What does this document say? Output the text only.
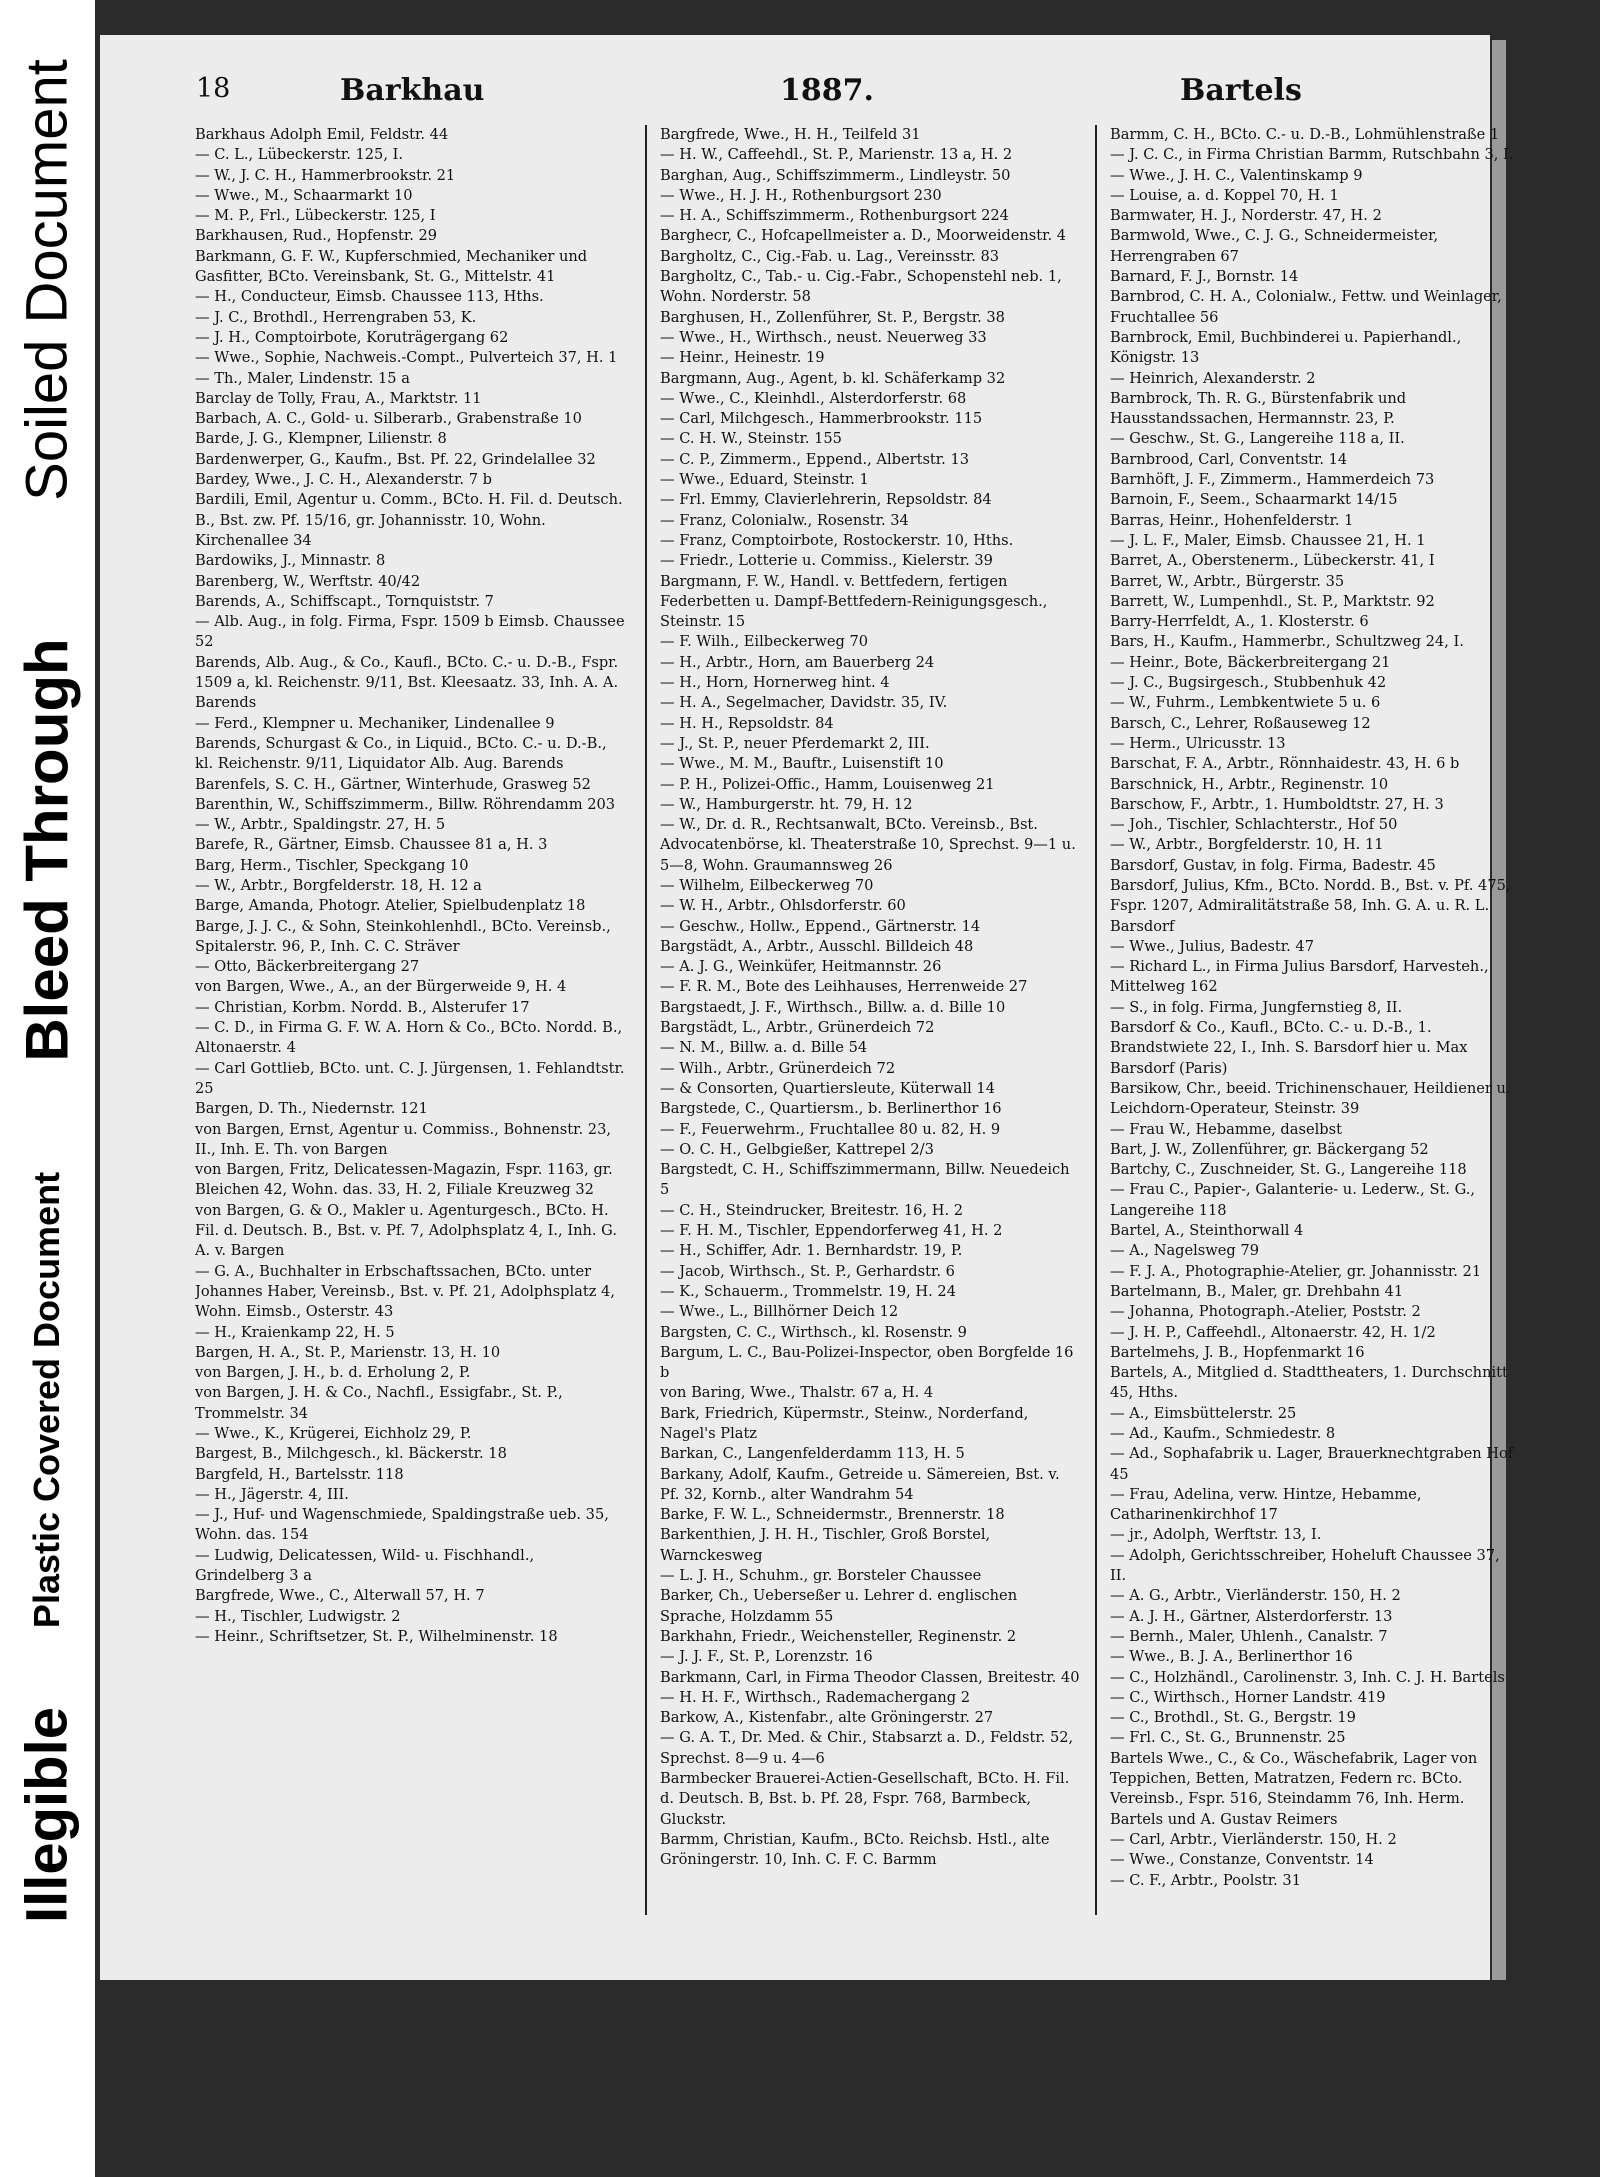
Illegible
Plastic Covered Document
Bleed Through
Soiled Document	18	Barkhau	1887.	Bartels

Barkhaus Adolph Emil, Feldstr. 44

— C. L., Lübeckerstr. 125, I.

— W., J. C. H., Hammerbrookstr. 21

— Wwe., M., Schaarmarkt 10

— M. P., Frl., Lübeckerstr. 125, I

Barkhausen, Rud., Hopfenstr. 29

Barkmann, G. F. W., Kupferschmied, Mechaniker und Gasfitter, BCto. Vereinsbank, St. G., Mittelstr. 41

— H., Conducteur, Eimsb. Chaussee 113, Hths.

— J. C., Brothdl., Herrengraben 53, K.

— J. H., Comptoirbote, Koruträgergang 62

— Wwe., Sophie, Nachweis.-Compt., Pulverteich 37, H. 1

— Th., Maler, Lindenstr. 15 a

Barclay de Tolly, Frau, A., Marktstr. 11

Barbach, A. C., Gold- u. Silberarb., Grabenstraße 10

Barde, J. G., Klempner, Lilienstr. 8

Bardenwerper, G., Kaufm., Bst. Pf. 22, Grindelallee 32

Bardey, Wwe., J. C. H., Alexanderstr. 7 b

Bardili, Emil, Agentur u. Comm., BCto. H. Fil. d. Deutsch. B., Bst. zw. Pf. 15/16, gr. Johannisstr. 10, Wohn. Kirchenallee 34

Bardowiks, J., Minnastr. 8

Barenberg, W., Werftstr. 40/42

Barends, A., Schiffscapt., Tornquiststr. 7

— Alb. Aug., in folg. Firma, Fspr. 1509 b Eimsb. Chaussee 52

Barends, Alb. Aug., & Co., Kaufl., BCto. C.- u. D.-B., Fspr. 1509 a, kl. Reichenstr. 9/11, Bst. Kleesaatz. 33, Inh. A. A. Barends

— Ferd., Klempner u. Mechaniker, Lindenallee 9

Barends, Schurgast & Co., in Liquid., BCto. C.- u. D.-B., kl. Reichenstr. 9/11, Liquidator Alb. Aug. Barends

Barenfels, S. C. H., Gärtner, Winterhude, Grasweg 52

Barenthin, W., Schiffszimmerm., Billw. Röhrendamm 203

— W., Arbtr., Spaldingstr. 27, H. 5

Barefe, R., Gärtner, Eimsb. Chaussee 81 a, H. 3

Barg, Herm., Tischler, Speckgang 10

— W., Arbtr., Borgfelderstr. 18, H. 12 a

Barge, Amanda, Photogr. Atelier, Spielbudenplatz 18

Barge, J. J. C., & Sohn, Steinkohlenhdl., BCto. Vereinsb., Spitalerstr. 96, P., Inh. C. C. Sträver

— Otto, Bäckerbreitergang 27

von Bargen, Wwe., A., an der Bürgerweide 9, H. 4

— Christian, Korbm. Nordd. B., Alsterufer 17

— C. D., in Firma G. F. W. A. Horn & Co., BCto. Nordd. B., Altonaerstr. 4

— Carl Gottlieb, BCto. unt. C. J. Jürgensen, 1. Fehlandtstr. 25

Bargen, D. Th., Niedernstr. 121

von Bargen, Ernst, Agentur u. Commiss., Bohnenstr. 23, II., Inh. E. Th. von Bargen

von Bargen, Fritz, Delicatessen-Magazin, Fspr. 1163, gr. Bleichen 42, Wohn. das. 33, H. 2, Filiale Kreuzweg 32

von Bargen, G. & O., Makler u. Agenturgesch., BCto. H. Fil. d. Deutsch. B., Bst. v. Pf. 7, Adolphsplatz 4, I., Inh. G. A. v. Bargen

— G. A., Buchhalter in Erbschaftssachen, BCto. unter Johannes Haber, Vereinsb., Bst. v. Pf. 21, Adolphsplatz 4, Wohn. Eimsb., Osterstr. 43

— H., Kraienkamp 22, H. 5

Bargen, H. A., St. P., Marienstr. 13, H. 10

von Bargen, J. H., b. d. Erholung 2, P.

von Bargen, J. H. & Co., Nachfl., Essigfabr., St. P., Trommelstr. 34

— Wwe., K., Krügerei, Eichholz 29, P.

Bargest, B., Milchgesch., kl. Bäckerstr. 18

Bargfeld, H., Bartelsstr. 118

— H., Jägerstr. 4, III.

— J., Huf- und Wagenschmiede, Spaldingstraße ueb. 35, Wohn. das. 154

— Ludwig, Delicatessen, Wild- u. Fischhandl., Grindelberg 3 a

Bargfrede, Wwe., C., Alterwall 57, H. 7

— H., Tischler, Ludwigstr. 2

— Heinr., Schriftsetzer, St. P., Wilhelminenstr. 18

Bargfrede, Wwe., H. H., Teilfeld 31

— H. W., Caffeehdl., St. P., Marienstr. 13 a, H. 2

Barghan, Aug., Schiffszimmerm., Lindleystr. 50

— Wwe., H. J. H., Rothenburgsort 230

— H. A., Schiffszimmerm., Rothenburgsort 224

Barghecr, C., Hofcapellmeister a. D., Moorweidenstr. 4

Bargholtz, C., Cig.-Fab. u. Lag., Vereinsstr. 83

Bargholtz, C., Tab.- u. Cig.-Fabr., Schopenstehl neb. 1, Wohn. Norderstr. 58

Barghusen, H., Zollenführer, St. P., Bergstr. 38

— Wwe., H., Wirthsch., neust. Neuerweg 33

— Heinr., Heinestr. 19

Bargmann, Aug., Agent, b. kl. Schäferkamp 32

— Wwe., C., Kleinhdl., Alsterdorferstr. 68

— Carl, Milchgesch., Hammerbrookstr. 115

— C. H. W., Steinstr. 155

— C. P., Zimmerm., Eppend., Albertstr. 13

— Wwe., Eduard, Steinstr. 1

— Frl. Emmy, Clavierlehrerin, Repsoldstr. 84

— Franz, Colonialw., Rosenstr. 34

— Franz, Comptoirbote, Rostockerstr. 10, Hths.

— Friedr., Lotterie u. Commiss., Kielerstr. 39

Bargmann, F. W., Handl. v. Bettfedern, fertigen Federbetten u. Dampf-Bettfedern-Reinigungsgesch., Steinstr. 15

— F. Wilh., Eilbeckerweg 70

— H., Arbtr., Horn, am Bauerberg 24

— H., Horn, Hornerweg hint. 4

— H. A., Segelmacher, Davidstr. 35, IV.

— H. H., Repsoldstr. 84

— J., St. P., neuer Pferdemarkt 2, III.

— Wwe., M. M., Bauftr., Luisenstift 10

— P. H., Polizei-Offic., Hamm, Louisenweg 21

— W., Hamburgerstr. ht. 79, H. 12

— W., Dr. d. R., Rechtsanwalt, BCto. Vereinsb., Bst. Advocatenbörse, kl. Theaterstraße 10, Sprechst. 9—1 u. 5—8, Wohn. Graumannsweg 26

— Wilhelm, Eilbeckerweg 70

— W. H., Arbtr., Ohlsdorferstr. 60

— Geschw., Hollw., Eppend., Gärtnerstr. 14

Bargstädt, A., Arbtr., Ausschl. Billdeich 48

— A. J. G., Weinküfer, Heitmannstr. 26

— F. R. M., Bote des Leihhauses, Herrenweide 27

Bargstaedt, J. F., Wirthsch., Billw. a. d. Bille 10

Bargstädt, L., Arbtr., Grünerdeich 72

— N. M., Billw. a. d. Bille 54

— Wilh., Arbtr., Grünerdeich 72

— & Consorten, Quartiersleute, Küterwall 14

Bargstede, C., Quartiersm., b. Berlinerthor 16

— F., Feuerwehrm., Fruchtallee 80 u. 82, H. 9

— O. C. H., Gelbgießer, Kattrepel 2/3

Bargstedt, C. H., Schiffszimmermann, Billw. Neuedeich 5

— C. H., Steindrucker, Breitestr. 16, H. 2

— F. H. M., Tischler, Eppendorferweg 41, H. 2

— H., Schiffer, Adr. 1. Bernhardstr. 19, P.

— Jacob, Wirthsch., St. P., Gerhardstr. 6

— K., Schauerm., Trommelstr. 19, H. 24

— Wwe., L., Billhörner Deich 12

Bargsten, C. C., Wirthsch., kl. Rosenstr. 9

Bargum, L. C., Bau-Polizei-Inspector, oben Borgfelde 16 b

von Baring, Wwe., Thalstr. 67 a, H. 4

Bark, Friedrich, Küpermstr., Steinw., Norderfand, Nagel's Platz

Barkan, C., Langenfelderdamm 113, H. 5

Barkany, Adolf, Kaufm., Getreide u. Sämereien, Bst. v. Pf. 32, Kornb., alter Wandrahm 54

Barke, F. W. L., Schneidermstr., Brennerstr. 18

Barkenthien, J. H. H., Tischler, Groß Borstel, Warnckesweg

— L. J. H., Schuhm., gr. Borsteler Chaussee

Barker, Ch., Ueberseßer u. Lehrer d. englischen Sprache, Holzdamm 55

Barkhahn, Friedr., Weichensteller, Reginenstr. 2

— J. J. F., St. P., Lorenzstr. 16

Barkmann, Carl, in Firma Theodor Classen, Breitestr. 40

— H. H. F., Wirthsch., Rademachergang 2

Barkow, A., Kistenfabr., alte Gröningerstr. 27

— G. A. T., Dr. Med. & Chir., Stabsarzt a. D., Feldstr. 52, Sprechst. 8—9 u. 4—6

Barmbecker Brauerei-Actien-Gesellschaft, BCto. H. Fil. d. Deutsch. B, Bst. b. Pf. 28, Fspr. 768, Barmbeck, Gluckstr.

Barmm, Christian, Kaufm., BCto. Reichsb. Hstl., alte Gröningerstr. 10, Inh. C. F. C. Barmm

Barmm, C. H., BCto. C.- u. D.-B., Lohmühlenstraße 1

— J. C. C., in Firma Christian Barmm, Rutschbahn 3, I.

— Wwe., J. H. C., Valentinskamp 9

— Louise, a. d. Koppel 70, H. 1

Barmwater, H. J., Norderstr. 47, H. 2

Barmwold, Wwe., C. J. G., Schneidermeister, Herrengraben 67

Barnard, F. J., Bornstr. 14

Barnbrod, C. H. A., Colonialw., Fettw. und Weinlager, Fruchtallee 56

Barnbrock, Emil, Buchbinderei u. Papierhandl., Königstr. 13

— Heinrich, Alexanderstr. 2

Barnbrock, Th. R. G., Bürstenfabrik und Hausstandssachen, Hermannstr. 23, P.

— Geschw., St. G., Langereihe 118 a, II.

Barnbrood, Carl, Conventstr. 14

Barnhöft, J. F., Zimmerm., Hammerdeich 73

Barnoin, F., Seem., Schaarmarkt 14/15

Barras, Heinr., Hohenfelderstr. 1

— J. L. F., Maler, Eimsb. Chaussee 21, H. 1

Barret, A., Oberstenerm., Lübeckerstr. 41, I

Barret, W., Arbtr., Bürgerstr. 35

Barrett, W., Lumpenhdl., St. P., Marktstr. 92

Barry-Herrfeldt, A., 1. Klosterstr. 6

Bars, H., Kaufm., Hammerbr., Schultzweg 24, I.

— Heinr., Bote, Bäckerbreitergang 21

— J. C., Bugsirgesch., Stubbenhuk 42

— W., Fuhrm., Lembkentwiete 5 u. 6

Barsch, C., Lehrer, Roßauseweg 12

— Herm., Ulricusstr. 13

Barschat, F. A., Arbtr., Rönnhaidestr. 43, H. 6 b

Barschnick, H., Arbtr., Reginenstr. 10

Barschow, F., Arbtr., 1. Humboldtstr. 27, H. 3

— Joh., Tischler, Schlachterstr., Hof 50

— W., Arbtr., Borgfelderstr. 10, H. 11

Barsdorf, Gustav, in folg. Firma, Badestr. 45

Barsdorf, Julius, Kfm., BCto. Nordd. B., Bst. v. Pf. 475, Fspr. 1207, Admiralitätstraße 58, Inh. G. A. u. R. L. Barsdorf

— Wwe., Julius, Badestr. 47

— Richard L., in Firma Julius Barsdorf, Harvesteh., Mittelweg 162

— S., in folg. Firma, Jungfernstieg 8, II.

Barsdorf & Co., Kaufl., BCto. C.- u. D.-B., 1. Brandstwiete 22, I., Inh. S. Barsdorf hier u. Max Barsdorf (Paris)

Barsikow, Chr., beeid. Trichinenschauer, Heildiener u. Leichdorn-Operateur, Steinstr. 39

— Frau W., Hebamme, daselbst

Bart, J. W., Zollenführer, gr. Bäckergang 52

Bartchy, C., Zuschneider, St. G., Langereihe 118

— Frau C., Papier-, Galanterie- u. Lederw., St. G., Langereihe 118

Bartel, A., Steinthorwall 4

— A., Nagelsweg 79

— F. J. A., Photographie-Atelier, gr. Johannisstr. 21

Bartelmann, B., Maler, gr. Drehbahn 41

— Johanna, Photograph.-Atelier, Poststr. 2

— J. H. P., Caffeehdl., Altonaerstr. 42, H. 1/2

Bartelmehs, J. B., Hopfenmarkt 16

Bartels, A., Mitglied d. Stadttheaters, 1. Durchschnitt 45, Hths.

— A., Eimsbüttelerstr. 25

— Ad., Kaufm., Schmiedestr. 8

— Ad., Sophafabrik u. Lager, Brauerknechtgraben Hof 45

— Frau, Adelina, verw. Hintze, Hebamme, Catharinenkirchhof 17

— jr., Adolph, Werftstr. 13, I.

— Adolph, Gerichtsschreiber, Hoheluft Chaussee 37, II.

— A. G., Arbtr., Vierländerstr. 150, H. 2

— A. J. H., Gärtner, Alsterdorferstr. 13

— Bernh., Maler, Uhlenh., Canalstr. 7

— Wwe., B. J. A., Berlinerthor 16

— C., Holzhändl., Carolinenstr. 3, Inh. C. J. H. Bartels

— C., Wirthsch., Horner Landstr. 419

— C., Brothdl., St. G., Bergstr. 19

— Frl. C., St. G., Brunnenstr. 25

Bartels Wwe., C., & Co., Wäschefabrik, Lager von Teppichen, Betten, Matratzen, Federn rc. BCto. Vereinsb., Fspr. 516, Steindamm 76, Inh. Herm. Bartels und A. Gustav Reimers

— Carl, Arbtr., Vierländerstr. 150, H. 2

— Wwe., Constanze, Conventstr. 14

— C. F., Arbtr., Poolstr. 31
